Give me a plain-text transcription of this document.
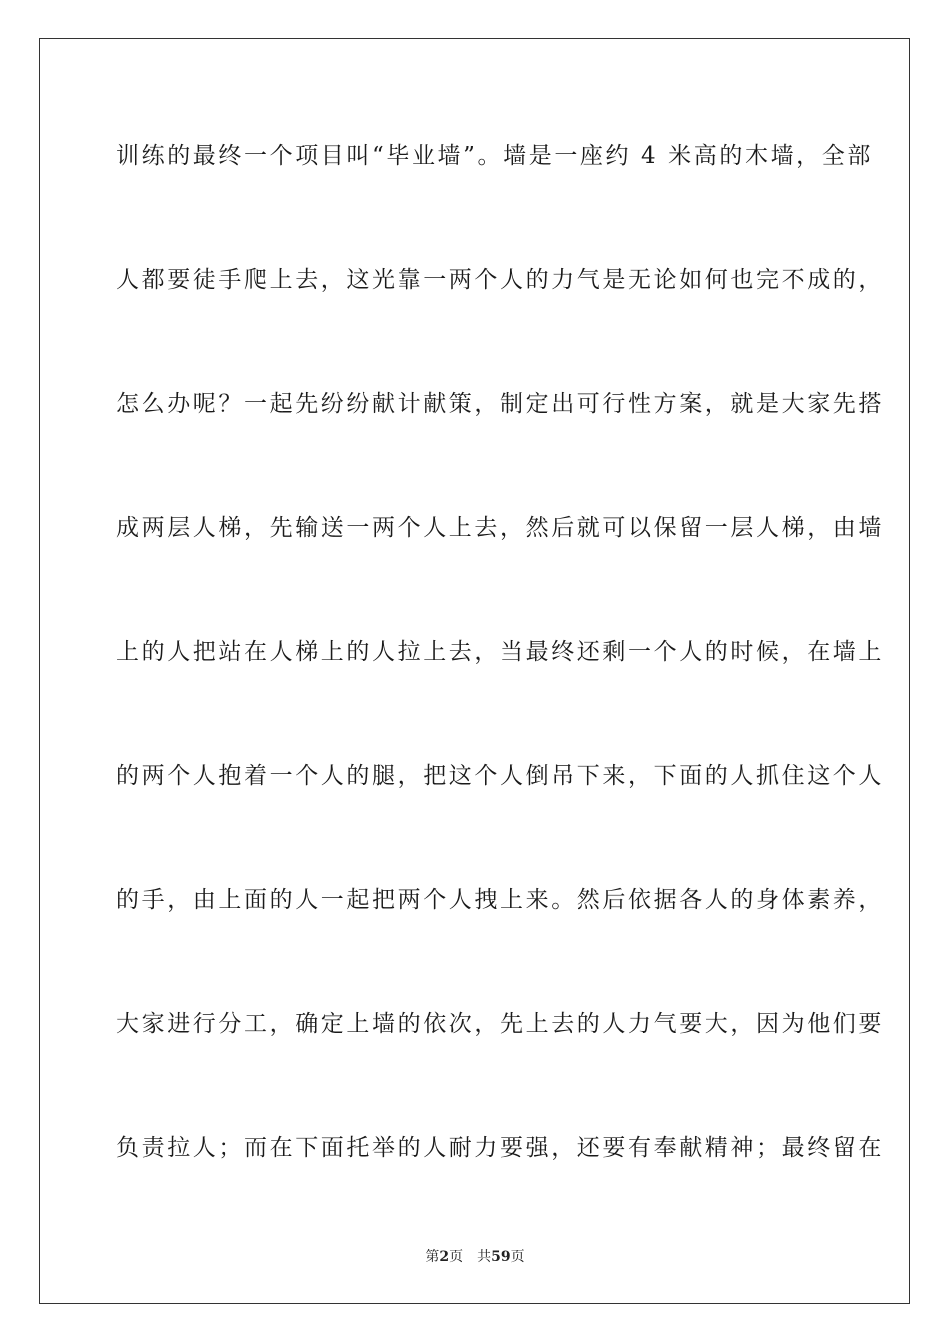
训练的最终一个项目叫“毕业墙”。墙是一座约 4 米高的木墙，全部
人都要徒手爬上去，这光靠一两个人的力气是无论如何也完不成的，
怎么办呢？一起先纷纷献计献策，制定出可行性方案，就是大家先搭
成两层人梯，先输送一两个人上去，然后就可以保留一层人梯，由墙
上的人把站在人梯上的人拉上去，当最终还剩一个人的时候，在墙上
的两个人抱着一个人的腿，把这个人倒吊下来，下面的人抓住这个人
的手，由上面的人一起把两个人拽上来。然后依据各人的身体素养，
大家进行分工，确定上墙的依次，先上去的人力气要大，因为他们要
负责拉人；而在下面托举的人耐力要强，还要有奉献精神；最终留在
第2页 共59页
